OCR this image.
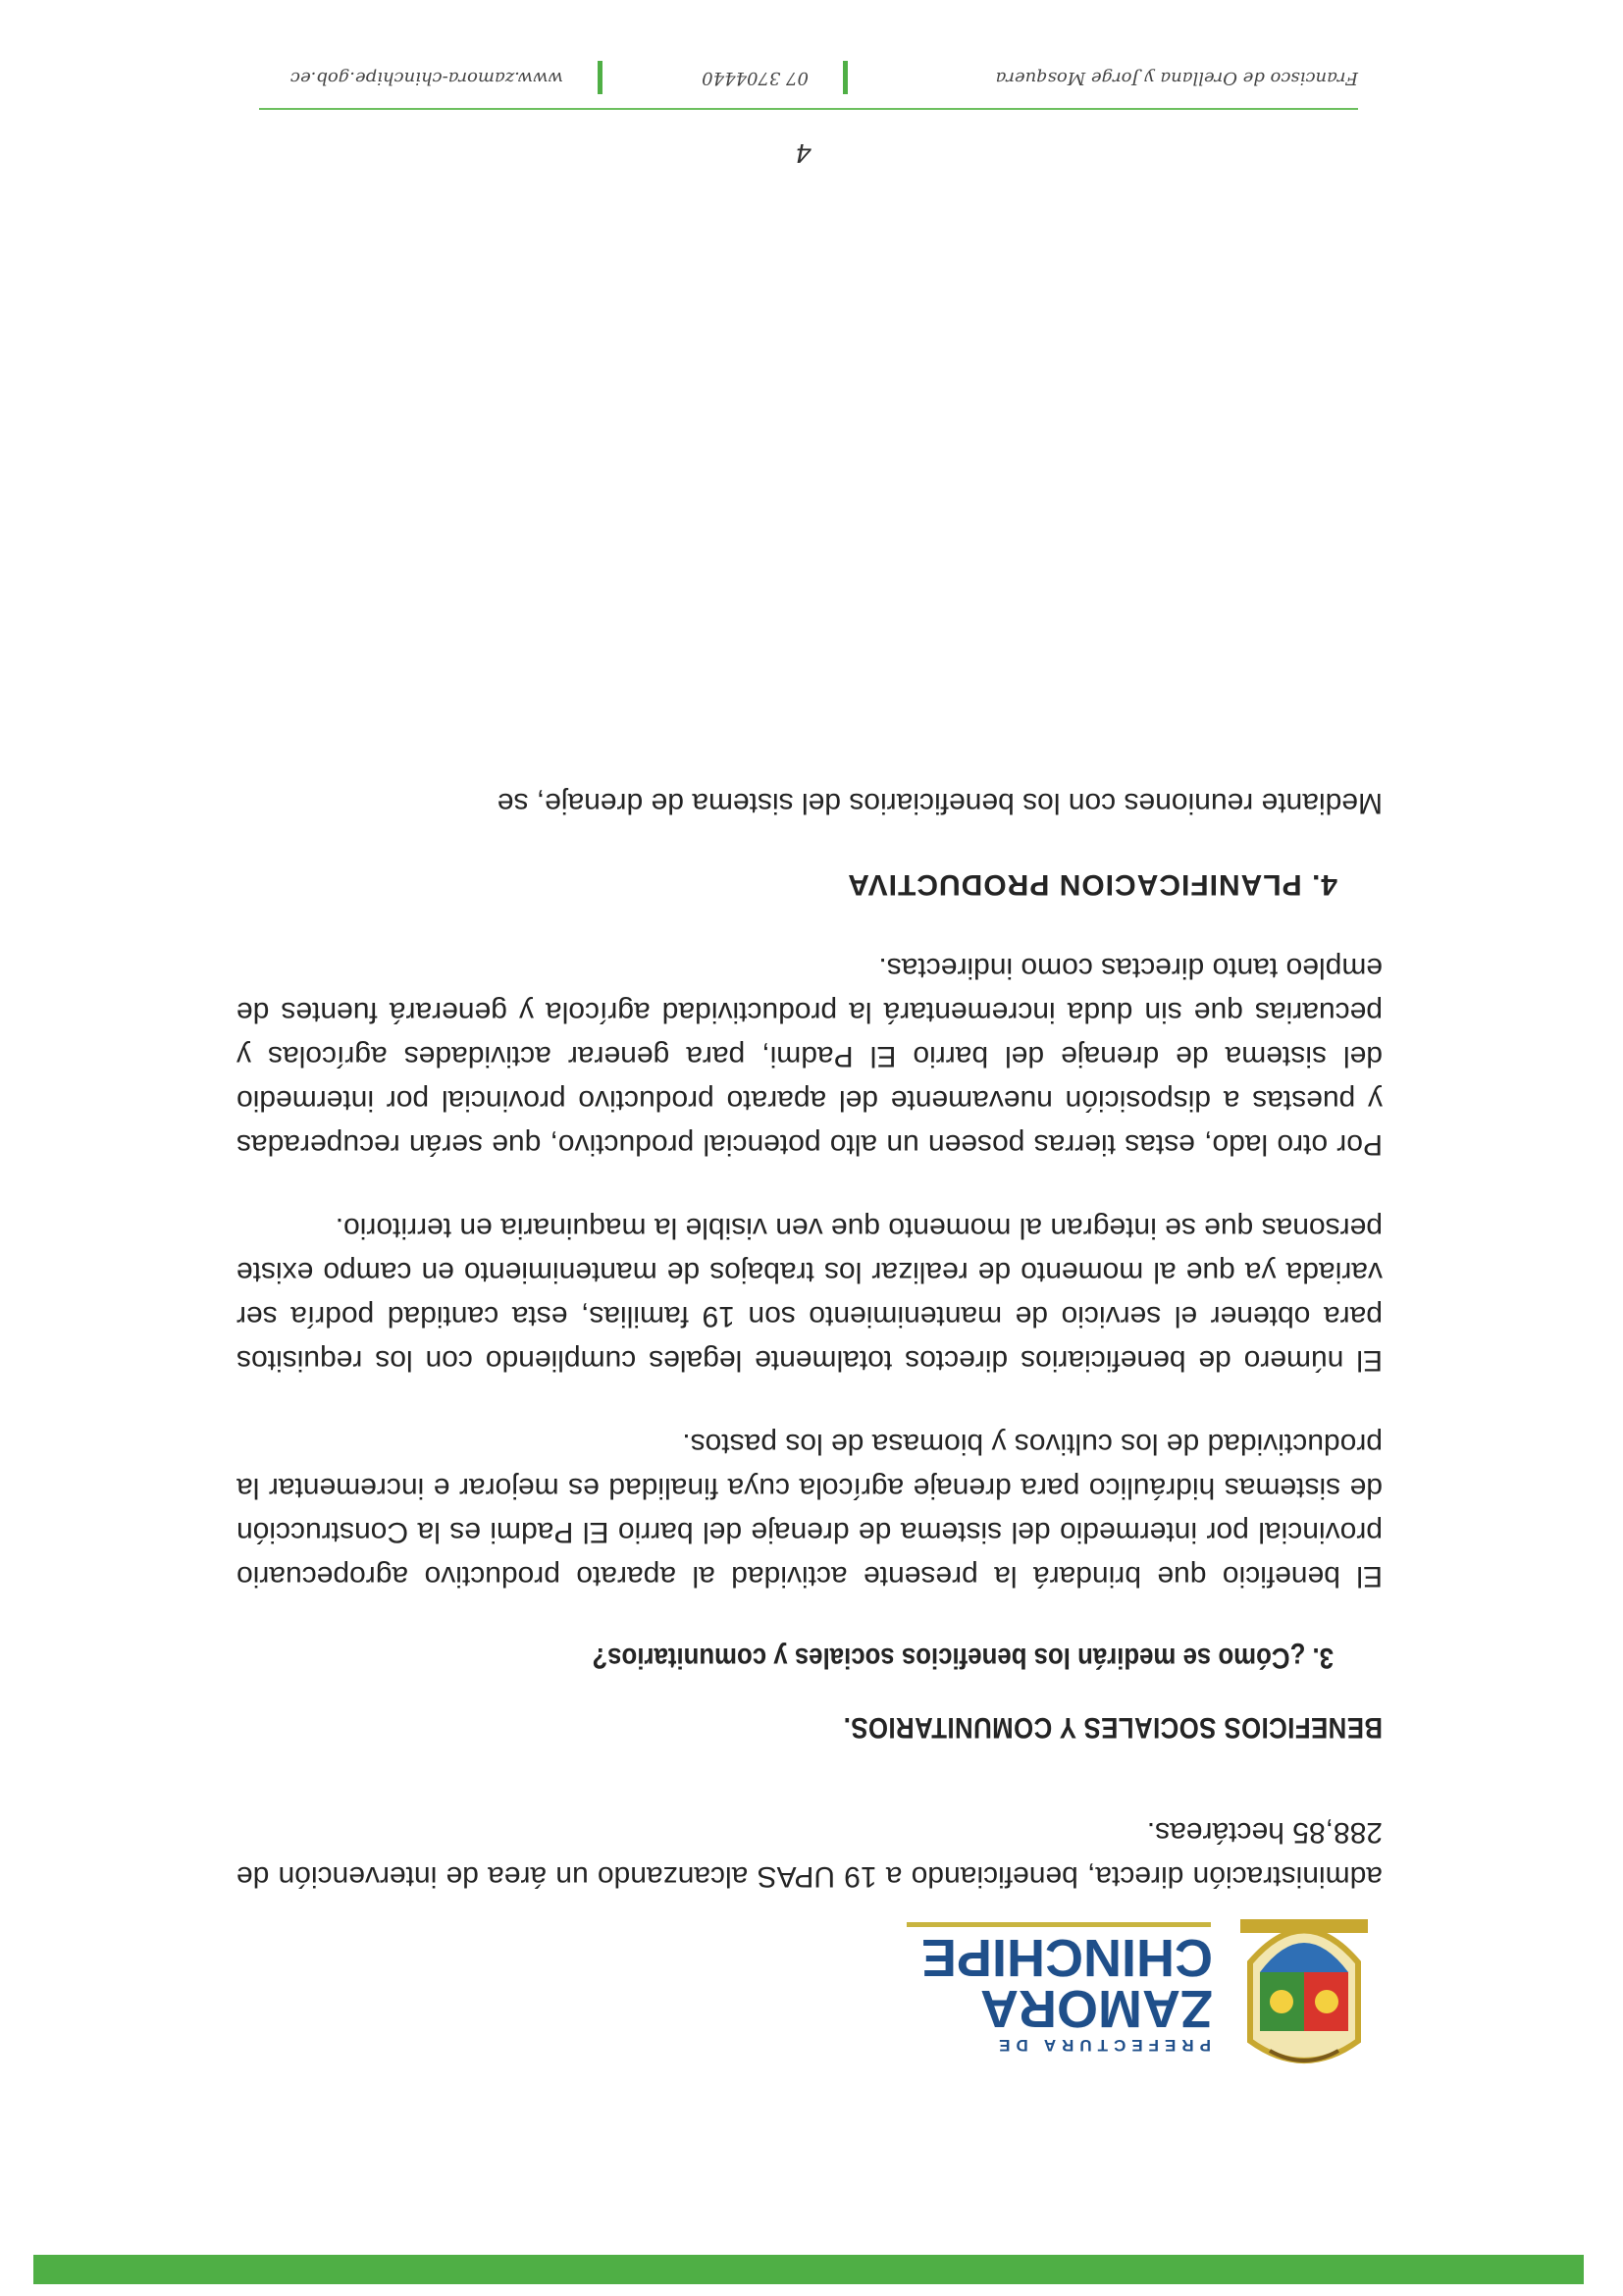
PREFECTURA DE
ZAMORA
CHINCHIPE

administración directa, beneficiando a 19 UPAS alcanzando un área de intervención de 288,85 hectáreas.

BENEFICIOS SOCIALES Y COMUNITARIOS.
3. ¿Cómo se medirán los beneficios sociales y comunitarios?

El beneficio que brindará la presente actividad al aparato productivo agropecuario provincial por intermedio del sistema de drenaje del barrio El Padmi es la Construcción de sistemas hidráulico para drenaje agrícola cuya finalidad es mejorar e incrementar la productividad de los cultivos y biomasa de los pastos.

El número de beneficiarios directos totalmente legales cumpliendo con los requisitos para obtener el servicio de mantenimiento son 19 familias, esta cantidad podría ser variada ya que al momento de realizar los trabajos de mantenimiento en campo existe personas que se integran al momento que ven visible la maquinaria en territorio.

Por otro lado, estas tierras poseen un alto potencial productivo, que serán recuperadas y puestas a disposición nuevamente del aparato productivo provincial por intermedio del sistema de drenaje del barrio El Padmi, para generar actividades agrícolas y pecuarias que sin duda incrementará la productividad agrícola y generará fuentes de empleo tanto directas como indirectas.

4. PLANIFICACION PRODUCTIVA

Mediante reuniones con los beneficiarios del sistema de drenaje, se

4
Francisco de Orellana y Jorge Mosquera
07 3704440
www.zamora-chinchipe.gob.ec
